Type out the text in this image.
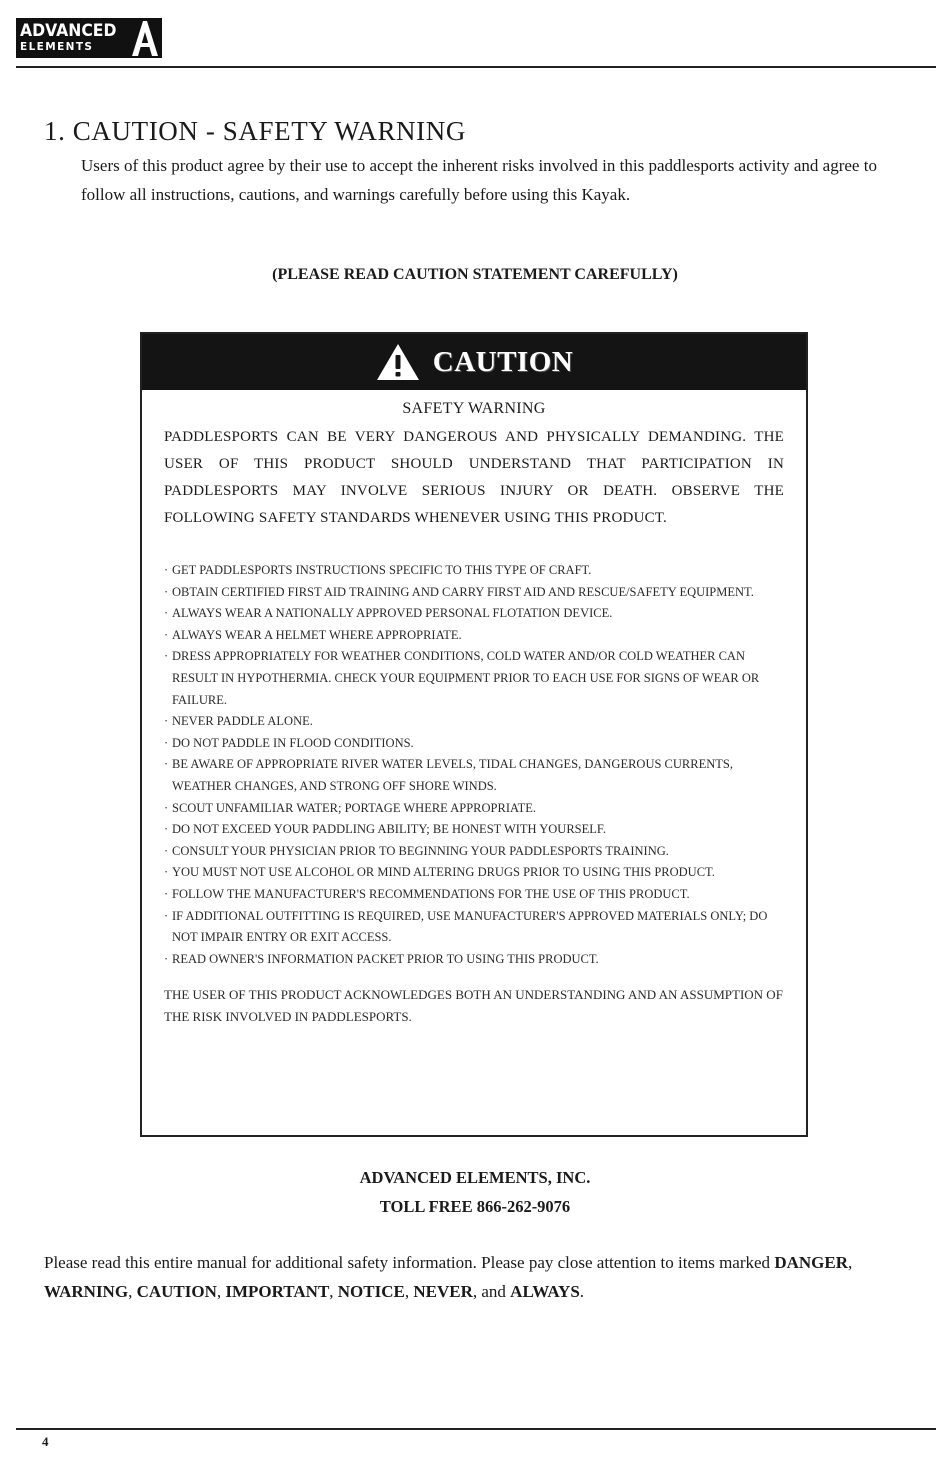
ADVANCED
ELEMENTS
1. CAUTION - SAFETY WARNING

Users of this product agree by their use to accept the inherent risks involved in this paddlesports activity and agree to follow all instructions, cautions, and warnings carefully before using this Kayak.

(PLEASE READ CAUTION STATEMENT CAREFULLY)

CAUTION
SAFETY WARNING
PADDLESPORTS CAN BE VERY DANGEROUS AND PHYSICALLY DEMANDING. THE USER OF THIS PRODUCT SHOULD UNDERSTAND THAT PARTICIPATION IN PADDLESPORTS MAY INVOLVE SERIOUS INJURY OR DEATH. OBSERVE THE FOLLOWING SAFETY STANDARDS WHENEVER USING THIS PRODUCT.
· GET PADDLESPORTS INSTRUCTIONS SPECIFIC TO THIS TYPE OF CRAFT.
· OBTAIN CERTIFIED FIRST AID TRAINING AND CARRY FIRST AID AND RESCUE/SAFETY EQUIPMENT.
· ALWAYS WEAR A NATIONALLY APPROVED PERSONAL FLOTATION DEVICE.
· ALWAYS WEAR A HELMET WHERE APPROPRIATE.
· DRESS APPROPRIATELY FOR WEATHER CONDITIONS, COLD WATER AND/OR COLD WEATHER CAN RESULT IN HYPOTHERMIA. CHECK YOUR EQUIPMENT PRIOR TO EACH USE FOR SIGNS OF WEAR OR FAILURE.
· NEVER PADDLE ALONE.
· DO NOT PADDLE IN FLOOD CONDITIONS.
· BE AWARE OF APPROPRIATE RIVER WATER LEVELS, TIDAL CHANGES, DANGEROUS CURRENTS, WEATHER CHANGES, AND STRONG OFF SHORE WINDS.
· SCOUT UNFAMILIAR WATER; PORTAGE WHERE APPROPRIATE.
· DO NOT EXCEED YOUR PADDLING ABILITY; BE HONEST WITH YOURSELF.
· CONSULT YOUR PHYSICIAN PRIOR TO BEGINNING YOUR PADDLESPORTS TRAINING.
· YOU MUST NOT USE ALCOHOL OR MIND ALTERING DRUGS PRIOR TO USING THIS PRODUCT.
· FOLLOW THE MANUFACTURER'S RECOMMENDATIONS FOR THE USE OF THIS PRODUCT.
· IF ADDITIONAL OUTFITTING IS REQUIRED, USE MANUFACTURER'S APPROVED MATERIALS ONLY; DO NOT IMPAIR ENTRY OR EXIT ACCESS.
· READ OWNER'S INFORMATION PACKET PRIOR TO USING THIS PRODUCT.
THE USER OF THIS PRODUCT ACKNOWLEDGES BOTH AN UNDERSTANDING AND AN ASSUMPTION OF THE RISK INVOLVED IN PADDLESPORTS.
ADVANCED ELEMENTS, INC.
TOLL FREE 866-262-9076

Please read this entire manual for additional safety information. Please pay close attention to items marked DANGER, WARNING, CAUTION, IMPORTANT, NOTICE, NEVER, and ALWAYS.

4
